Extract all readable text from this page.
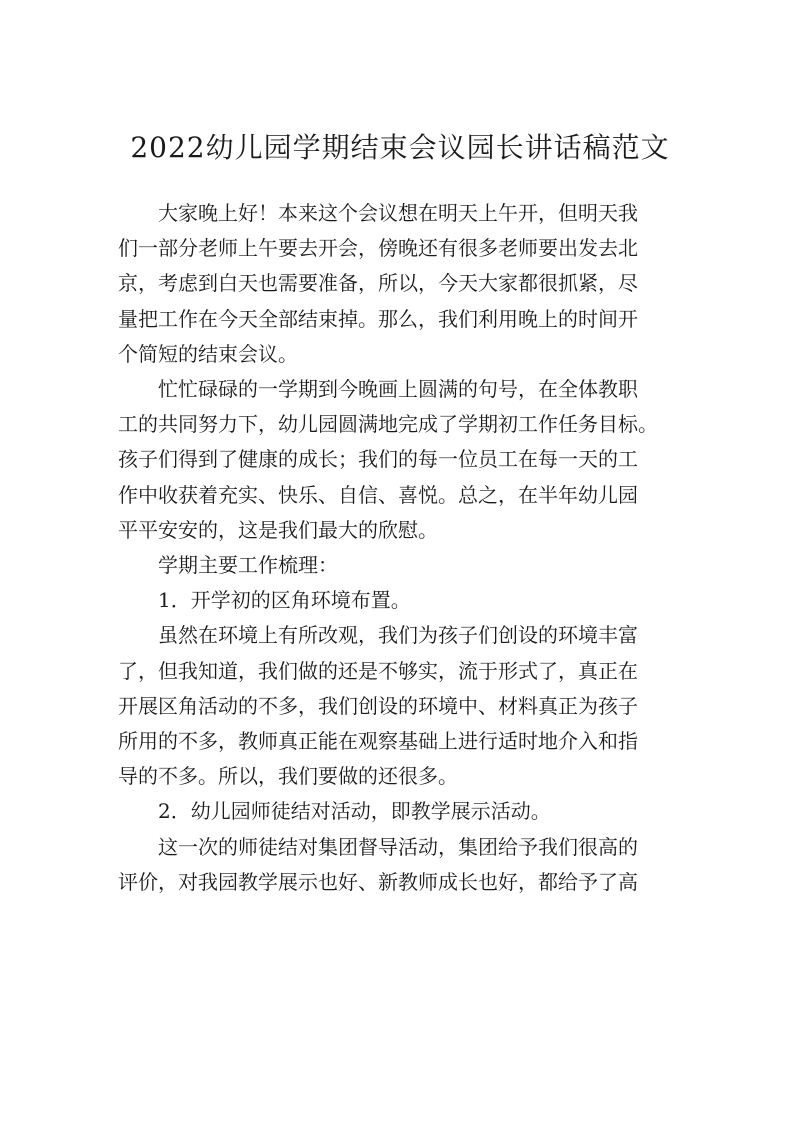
2022幼儿园学期结束会议园长讲话稿范文

大家晚上好！本来这个会议想在明天上午开，但明天我
们一部分老师上午要去开会，傍晚还有很多老师要出发去北
京，考虑到白天也需要准备，所以，今天大家都很抓紧，尽
量把工作在今天全部结束掉。那么，我们利用晚上的时间开
个简短的结束会议。

忙忙碌碌的一学期到今晚画上圆满的句号，在全体教职
工的共同努力下，幼儿园圆满地完成了学期初工作任务目标。
孩子们得到了健康的成长；我们的每一位员工在每一天的工
作中收获着充实、快乐、自信、喜悦。总之，在半年幼儿园
平平安安的，这是我们最大的欣慰。

学期主要工作梳理：

1．开学初的区角环境布置。

虽然在环境上有所改观，我们为孩子们创设的环境丰富
了，但我知道，我们做的还是不够实，流于形式了，真正在
开展区角活动的不多，我们创设的环境中、材料真正为孩子
所用的不多，教师真正能在观察基础上进行适时地介入和指
导的不多。所以，我们要做的还很多。

2．幼儿园师徒结对活动，即教学展示活动。

这一次的师徒结对集团督导活动，集团给予我们很高的
评价，对我园教学展示也好、新教师成长也好，都给予了高
